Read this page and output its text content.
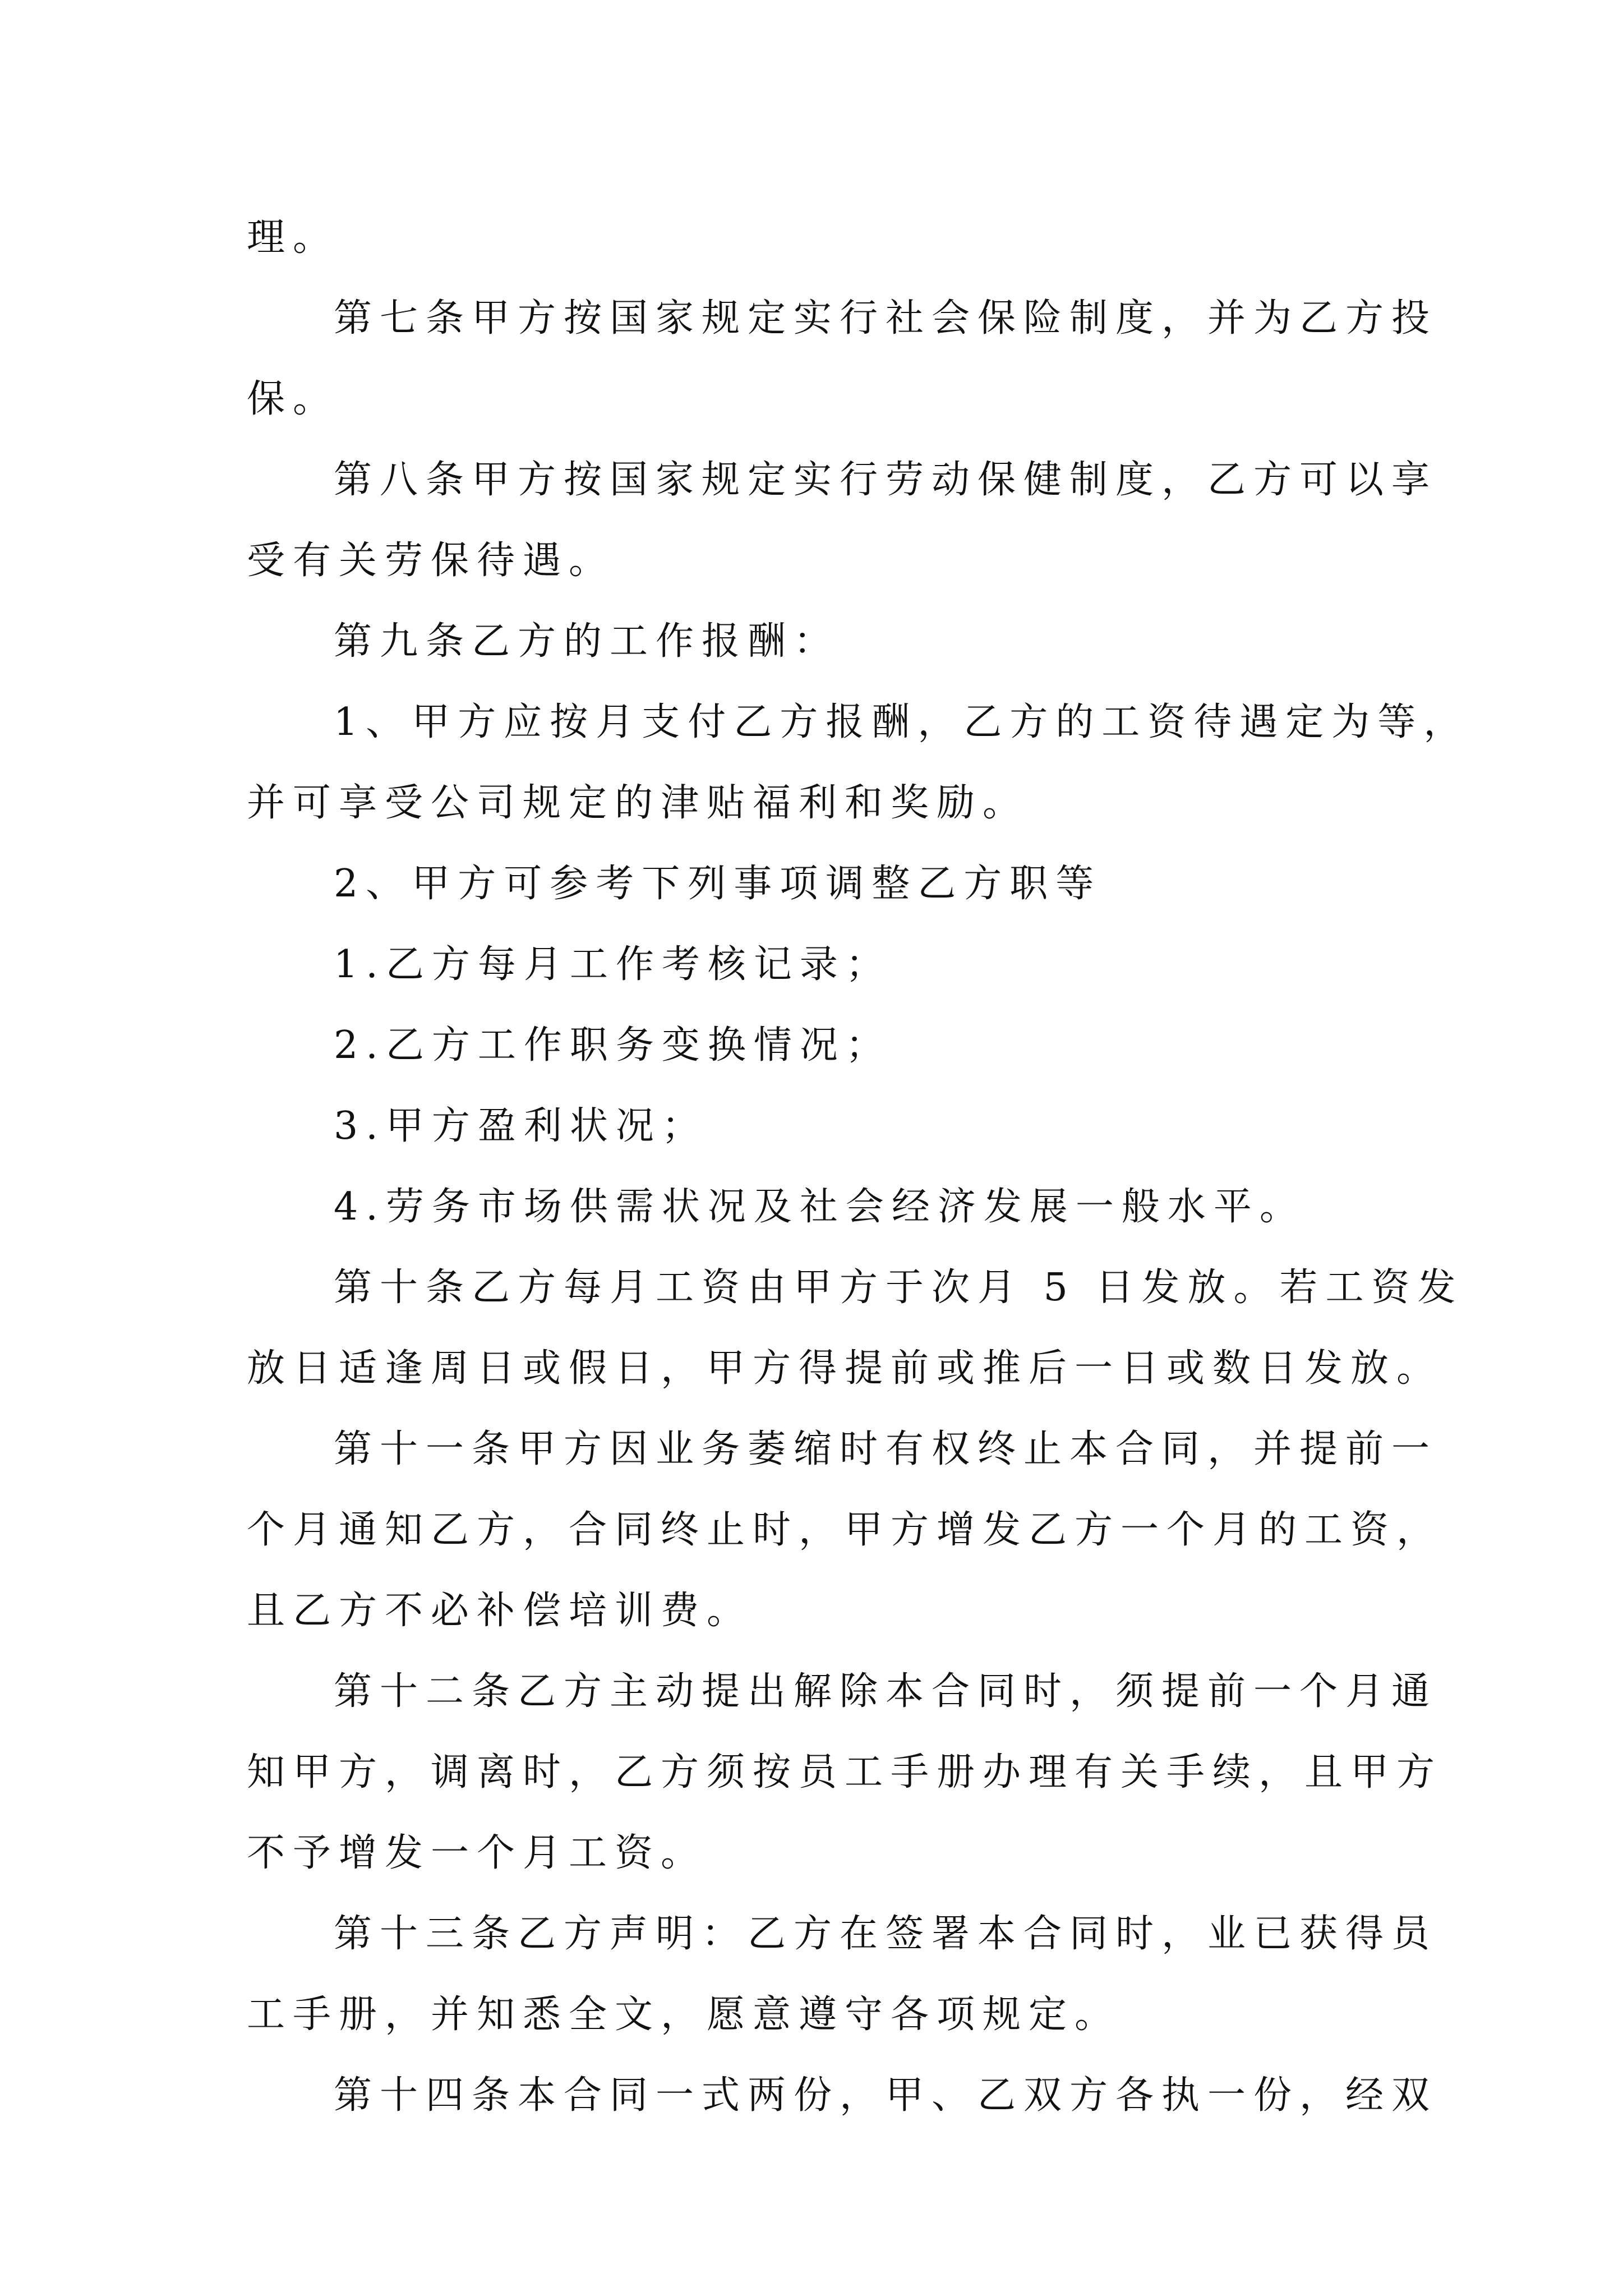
理。
第七条甲方按国家规定实行社会保险制度，并为乙方投
保。
第八条甲方按国家规定实行劳动保健制度，乙方可以享
受有关劳保待遇。
第九条乙方的工作报酬：
1、甲方应按月支付乙方报酬，乙方的工资待遇定为等，
并可享受公司规定的津贴福利和奖励。
2、甲方可参考下列事项调整乙方职等
1.乙方每月工作考核记录；
2.乙方工作职务变换情况；
3.甲方盈利状况；
4.劳务市场供需状况及社会经济发展一般水平。
第十条乙方每月工资由甲方于次月 5 日发放。若工资发
放日适逢周日或假日，甲方得提前或推后一日或数日发放。
第十一条甲方因业务萎缩时有权终止本合同，并提前一
个月通知乙方，合同终止时，甲方增发乙方一个月的工资，
且乙方不必补偿培训费。
第十二条乙方主动提出解除本合同时，须提前一个月通
知甲方，调离时，乙方须按员工手册办理有关手续，且甲方
不予增发一个月工资。
第十三条乙方声明：乙方在签署本合同时，业已获得员
工手册，并知悉全文，愿意遵守各项规定。
第十四条本合同一式两份，甲、乙双方各执一份，经双
